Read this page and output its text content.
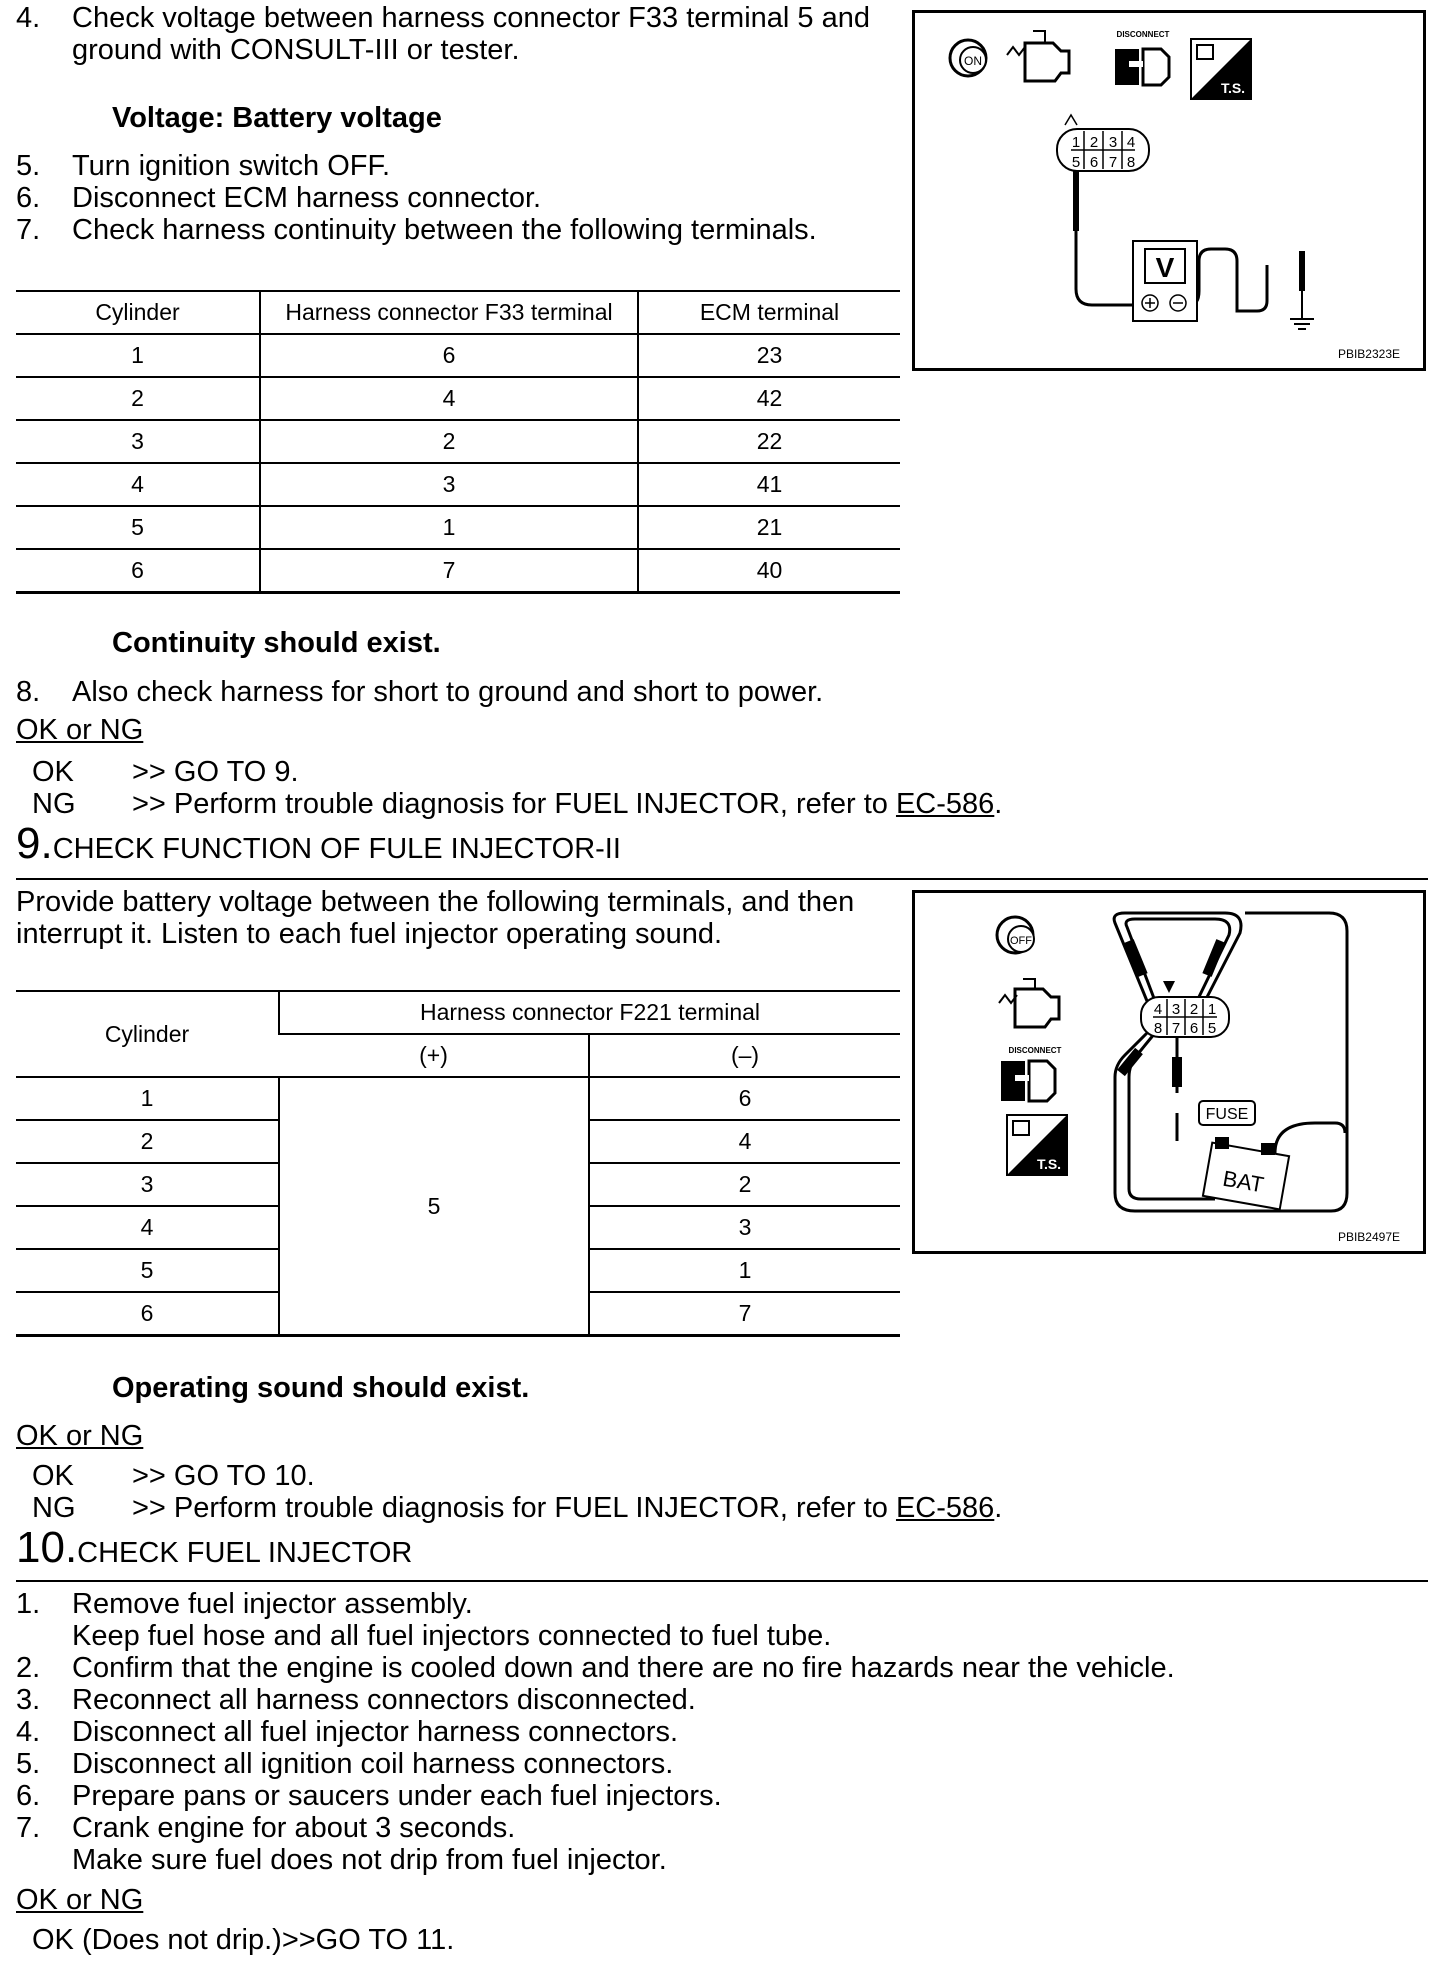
4. Check voltage between harness connector F33 terminal 5 and
ground with CONSULT-III or tester.
Voltage: Battery voltage
5. Turn ignition switch OFF.
6. Disconnect ECM harness connector.
7. Check harness continuity between the following terminals.
Cylinder	Harness connector F33 terminal	ECM terminal
1	6	23
2	4	42
3	2	22
4	3	41
5	1	21
6	7	40
ON
DISCONNECT
T.S.
1 2 3 4
5 6 7 8
V
PBIB2323E
Continuity should exist.
8. Also check harness for short to ground and short to power.
OK or NG
OK >> GO TO 9.
NG >> Perform trouble diagnosis for FUEL INJECTOR, refer to EC-586.
9.CHECK FUNCTION OF FULE INJECTOR-II
Provide battery voltage between the following terminals, and then
interrupt it. Listen to each fuel injector operating sound.
Cylinder	Harness connector F221 terminal	
	(+)	(–)
1	5	6
2		4
3		2
4		3
5		1
6		7
OFF
DISCONNECT
T.S.
4 3 2 1
8 7 6 5
FUSE
BAT
PBIB2497E
Operating sound should exist.
OK or NG
OK >> GO TO 10.
NG >> Perform trouble diagnosis for FUEL INJECTOR, refer to EC-586.
10.CHECK FUEL INJECTOR
1. Remove fuel injector assembly.
Keep fuel hose and all fuel injectors connected to fuel tube.
2. Confirm that the engine is cooled down and there are no fire hazards near the vehicle.
3. Reconnect all harness connectors disconnected.
4. Disconnect all fuel injector harness connectors.
5. Disconnect all ignition coil harness connectors.
6. Prepare pans or saucers under each fuel injectors.
7. Crank engine for about 3 seconds.
Make sure fuel does not drip from fuel injector.
OK or NG
OK (Does not drip.)>>GO TO 11.
